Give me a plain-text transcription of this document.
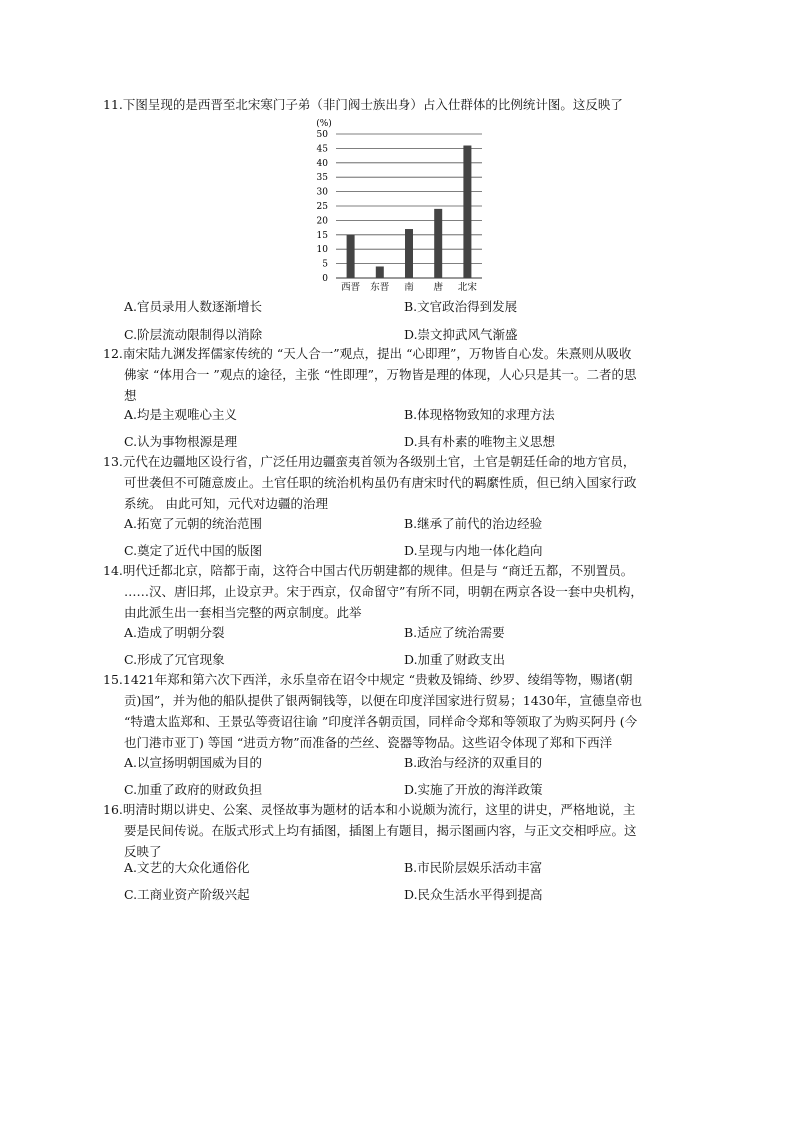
11.下图呈现的是西晋至北宋寒门子弟（非门阀士族出身）占入仕群体的比例统计图。这反映了
(%)
0
5
10
15
20
25
30
35
40
45
50
西晋 东晋 南 唐 北宋
A.官员录用人数逐渐增长	B.文官政治得到发展
C.阶层流动限制得以消除	D.崇文抑武风气渐盛
12.南宋陆九渊发挥儒家传统的 “天人合一”观点，提出 “心即理”，万物皆自心发。朱熹则从吸收
佛家 “体用合一 ”观点的途径，主张 “性即理”，万物皆是理的体现，人心只是其一。二者的思
想
A.均是主观唯心主义	B.体现格物致知的求理方法
C.认为事物根源是理	D.具有朴素的唯物主义思想
13.元代在边疆地区设行省，广泛任用边疆蛮夷首领为各级别土官，土官是朝廷任命的地方官员，
可世袭但不可随意废止。土官任职的统治机构虽仍有唐宋时代的羁縻性质，但已纳入国家行政
系统。 由此可知，元代对边疆的治理
A.拓宽了元朝的统治范围	B.继承了前代的治边经验
C.奠定了近代中国的版图	D.呈现与内地一体化趋向
14.明代迁都北京，陪都于南，这符合中国古代历朝建都的规律。但是与 “商迁五都，不别置员。
……汉、唐旧邦，止设京尹。宋于西京，仅命留守”有所不同，明朝在两京各设一套中央机构，
由此派生出一套相当完整的两京制度。此举
A.造成了明朝分裂	B.适应了统治需要
C.形成了冗官现象	D.加重了财政支出
15.1421年郑和第六次下西洋，永乐皇帝在诏令中规定 “贵敕及锦绮、纱罗、绫绢等物，赐诸(朝
贡)国”，并为他的船队提供了银两铜钱等，以便在印度洋国家进行贸易；1430年，宣德皇帝也
“特遣太监郑和、王景弘等赍诏往谕 ”印度洋各朝贡国，同样命令郑和等领取了为购买阿丹 (今
也门港市亚丁) 等国 “进贡方物”而准备的苎丝、瓷器等物品。这些诏令体现了郑和下西洋
A.以宣扬明朝国威为目的	B.政治与经济的双重目的
C.加重了政府的财政负担	D.实施了开放的海洋政策
16.明清时期以讲史、公案、灵怪故事为题材的话本和小说颇为流行，这里的讲史，严格地说，主
要是民间传说。在版式形式上均有插图，插图上有题目，揭示图画内容，与正文交相呼应。这
反映了
A.文艺的大众化通俗化	B.市民阶层娱乐活动丰富
C.工商业资产阶级兴起	D.民众生活水平得到提高
